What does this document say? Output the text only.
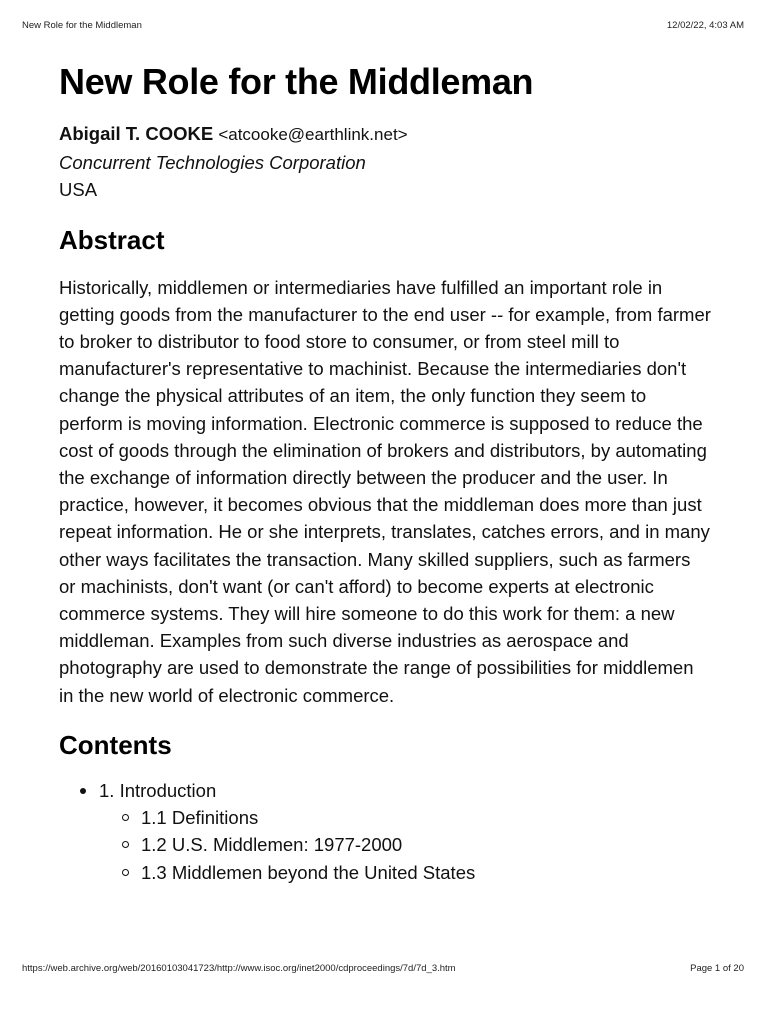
New Role for the Middleman	12/02/22, 4:03 AM
New Role for the Middleman
Abigail T. COOKE <atcooke@earthlink.net>
Concurrent Technologies Corporation
USA
Abstract

Historically, middlemen or intermediaries have fulfilled an important role in getting goods from the manufacturer to the end user -- for example, from farmer to broker to distributor to food store to consumer, or from steel mill to manufacturer's representative to machinist. Because the intermediaries don't change the physical attributes of an item, the only function they seem to perform is moving information. Electronic commerce is supposed to reduce the cost of goods through the elimination of brokers and distributors, by automating the exchange of information directly between the producer and the user. In practice, however, it becomes obvious that the middleman does more than just repeat information. He or she interprets, translates, catches errors, and in many other ways facilitates the transaction. Many skilled suppliers, such as farmers or machinists, don't want (or can't afford) to become experts at electronic commerce systems. They will hire someone to do this work for them: a new middleman. Examples from such diverse industries as aerospace and photography are used to demonstrate the range of possibilities for middlemen in the new world of electronic commerce.

Contents
1. Introduction
1.1 Definitions
1.2 U.S. Middlemen: 1977-2000
1.3 Middlemen beyond the United States
https://web.archive.org/web/20160103041723/http://www.isoc.org/inet2000/cdproceedings/7d/7d_3.htm	Page 1 of 20
